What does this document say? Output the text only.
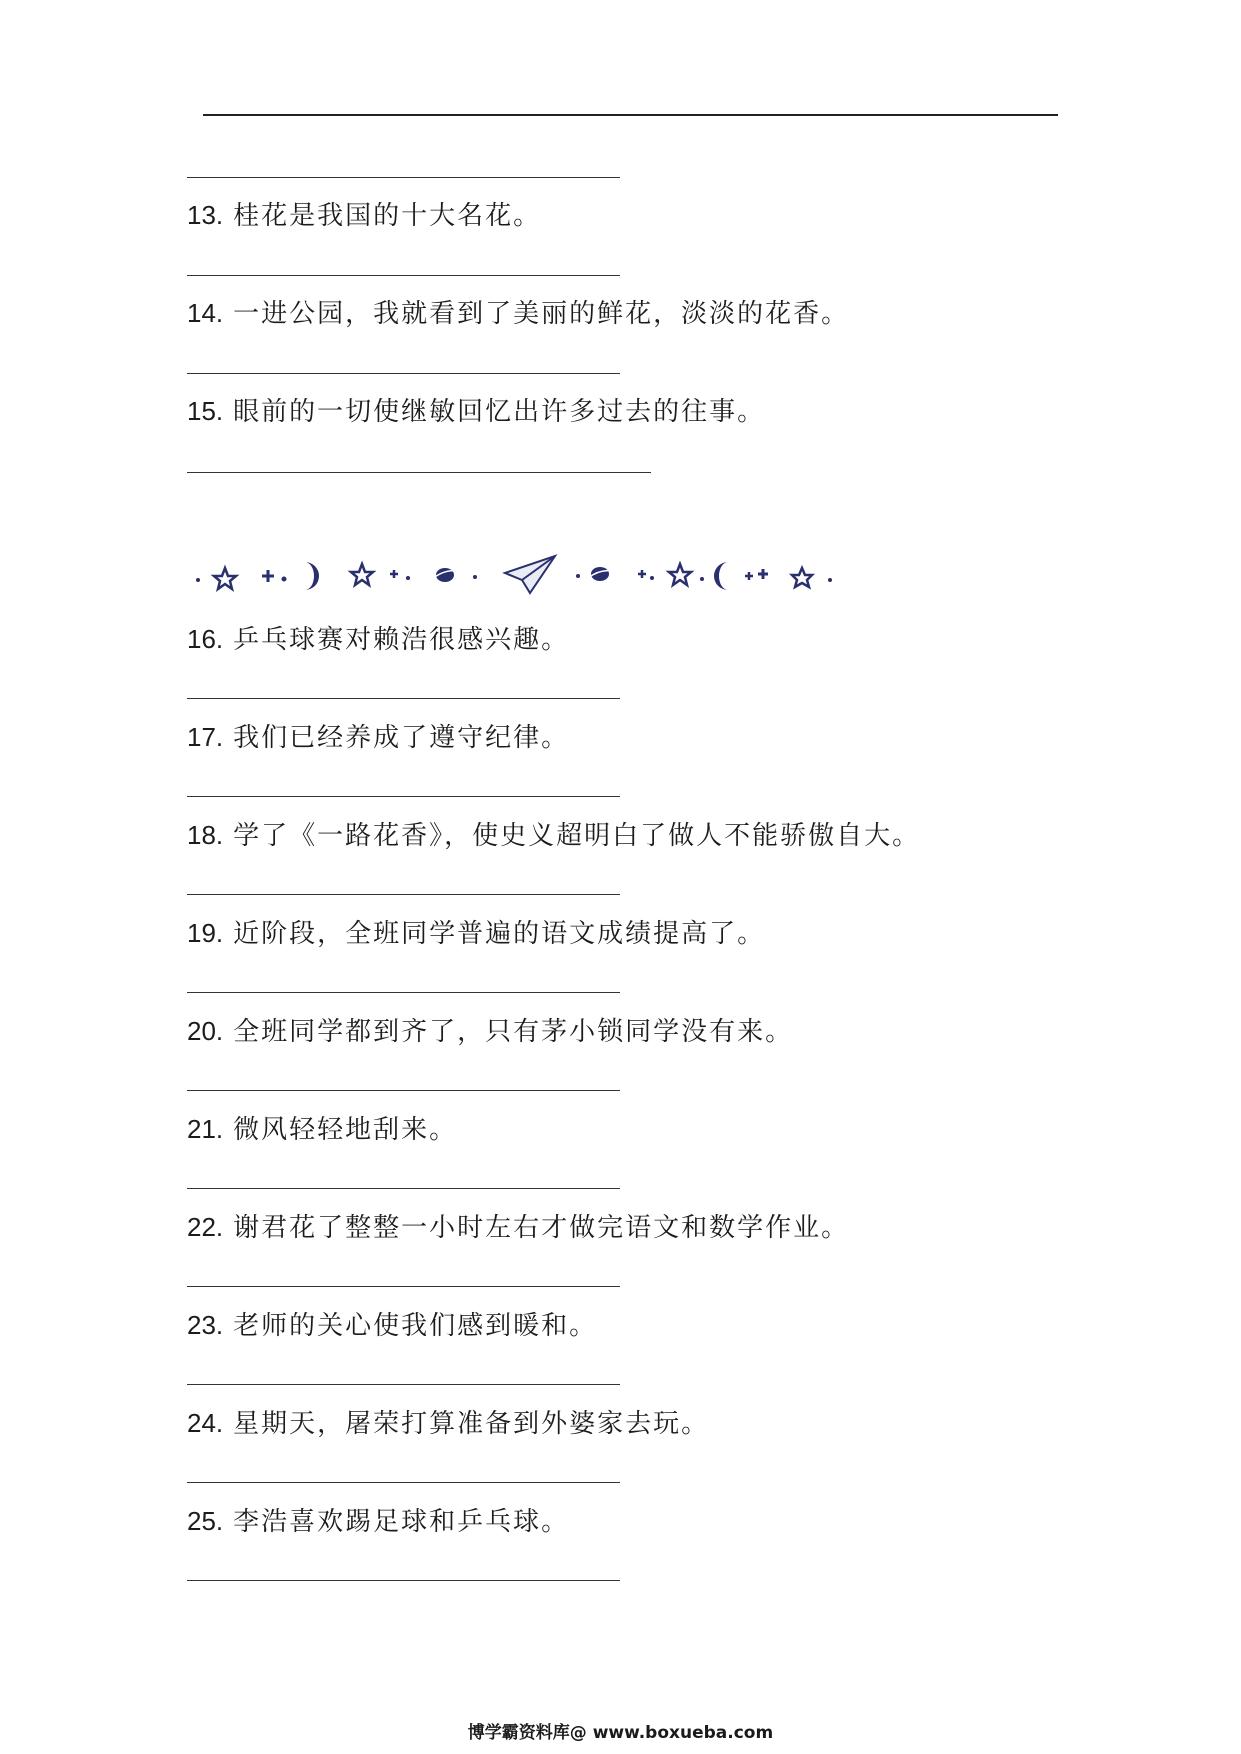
13. 桂花是我国的十大名花。
14. 一进公园，我就看到了美丽的鲜花，淡淡的花香。
15. 眼前的一切使继敏回忆出许多过去的往事。
16. 乒乓球赛对赖浩很感兴趣。
17. 我们已经养成了遵守纪律。
18. 学了《一路花香》，使史义超明白了做人不能骄傲自大。
19. 近阶段，全班同学普遍的语文成绩提高了。
20. 全班同学都到齐了，只有茅小锁同学没有来。
21. 微风轻轻地刮来。
22. 谢君花了整整一小时左右才做完语文和数学作业。
23. 老师的关心使我们感到暖和。
24. 星期天，屠荣打算准备到外婆家去玩。
25. 李浩喜欢踢足球和乒乓球。
博学霸资料库@ www.boxueba.com
